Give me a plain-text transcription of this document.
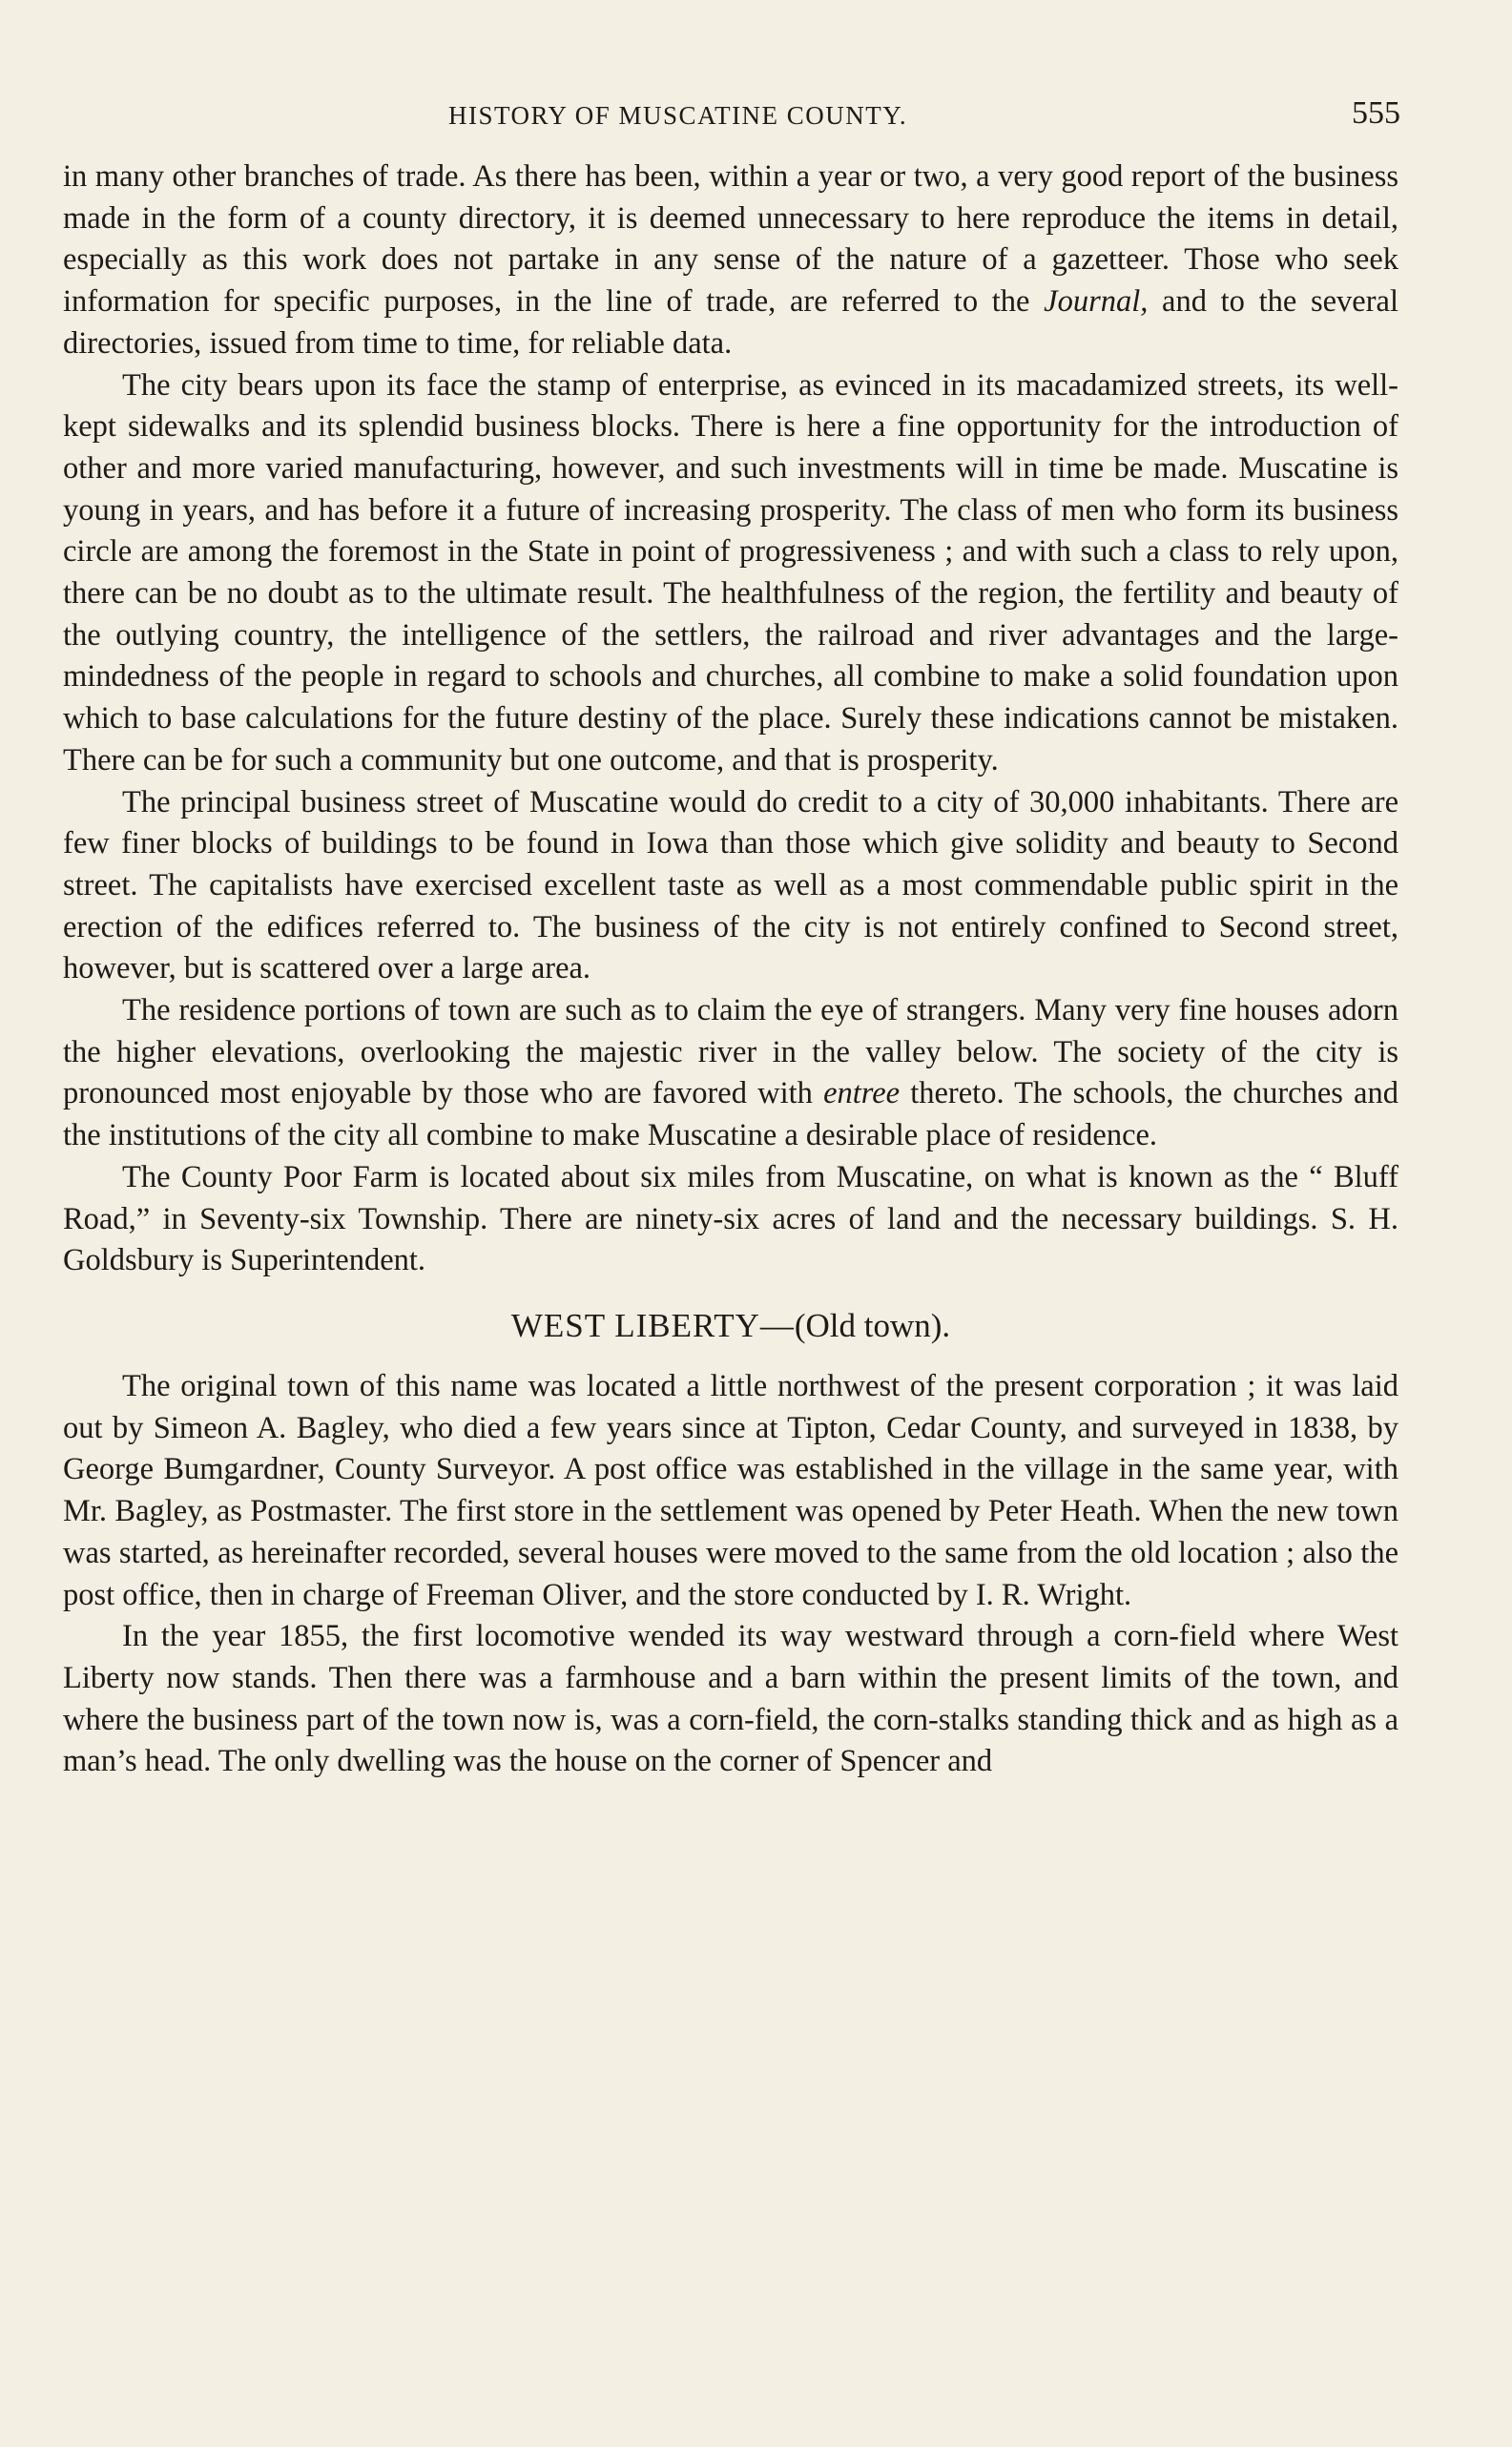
HISTORY OF MUSCATINE COUNTY.	555

in many other branches of trade. As there has been, within a year or two, a very good report of the business made in the form of a county directory, it is deemed unnecessary to here reproduce the items in detail, especially as this work does not partake in any sense of the nature of a gazetteer. Those who seek information for specific purposes, in the line of trade, are referred to the Journal, and to the several directories, issued from time to time, for reliable data.

The city bears upon its face the stamp of enterprise, as evinced in its macadamized streets, its well-kept sidewalks and its splendid business blocks. There is here a fine opportunity for the introduction of other and more varied manufacturing, however, and such investments will in time be made. Muscatine is young in years, and has before it a future of increasing prosperity. The class of men who form its business circle are among the foremost in the State in point of progressiveness ; and with such a class to rely upon, there can be no doubt as to the ultimate result. The healthfulness of the region, the fertility and beauty of the outlying country, the intelligence of the settlers, the railroad and river advantages and the large-mindedness of the people in regard to schools and churches, all combine to make a solid foundation upon which to base calculations for the future destiny of the place. Surely these indications cannot be mistaken. There can be for such a community but one outcome, and that is prosperity.

The principal business street of Muscatine would do credit to a city of 30,000 inhabitants. There are few finer blocks of buildings to be found in Iowa than those which give solidity and beauty to Second street. The capitalists have exercised excellent taste as well as a most commendable public spirit in the erection of the edifices referred to. The business of the city is not entirely confined to Second street, however, but is scattered over a large area.

The residence portions of town are such as to claim the eye of strangers. Many very fine houses adorn the higher elevations, overlooking the majestic river in the valley below. The society of the city is pronounced most enjoyable by those who are favored with entree thereto. The schools, the churches and the institutions of the city all combine to make Muscatine a desirable place of residence.

The County Poor Farm is located about six miles from Muscatine, on what is known as the “ Bluff Road,” in Seventy-six Township. There are ninety-six acres of land and the necessary buildings. S. H. Goldsbury is Superintendent.

WEST LIBERTY—(Old town).

The original town of this name was located a little northwest of the present corporation ; it was laid out by Simeon A. Bagley, who died a few years since at Tipton, Cedar County, and surveyed in 1838, by George Bumgardner, County Surveyor. A post office was established in the village in the same year, with Mr. Bagley, as Postmaster. The first store in the settlement was opened by Peter Heath. When the new town was started, as hereinafter recorded, several houses were moved to the same from the old location ; also the post office, then in charge of Freeman Oliver, and the store conducted by I. R. Wright.

In the year 1855, the first locomotive wended its way westward through a corn-field where West Liberty now stands. Then there was a farmhouse and a barn within the present limits of the town, and where the business part of the town now is, was a corn-field, the corn-stalks standing thick and as high as a man’s head. The only dwelling was the house on the corner of Spencer and
